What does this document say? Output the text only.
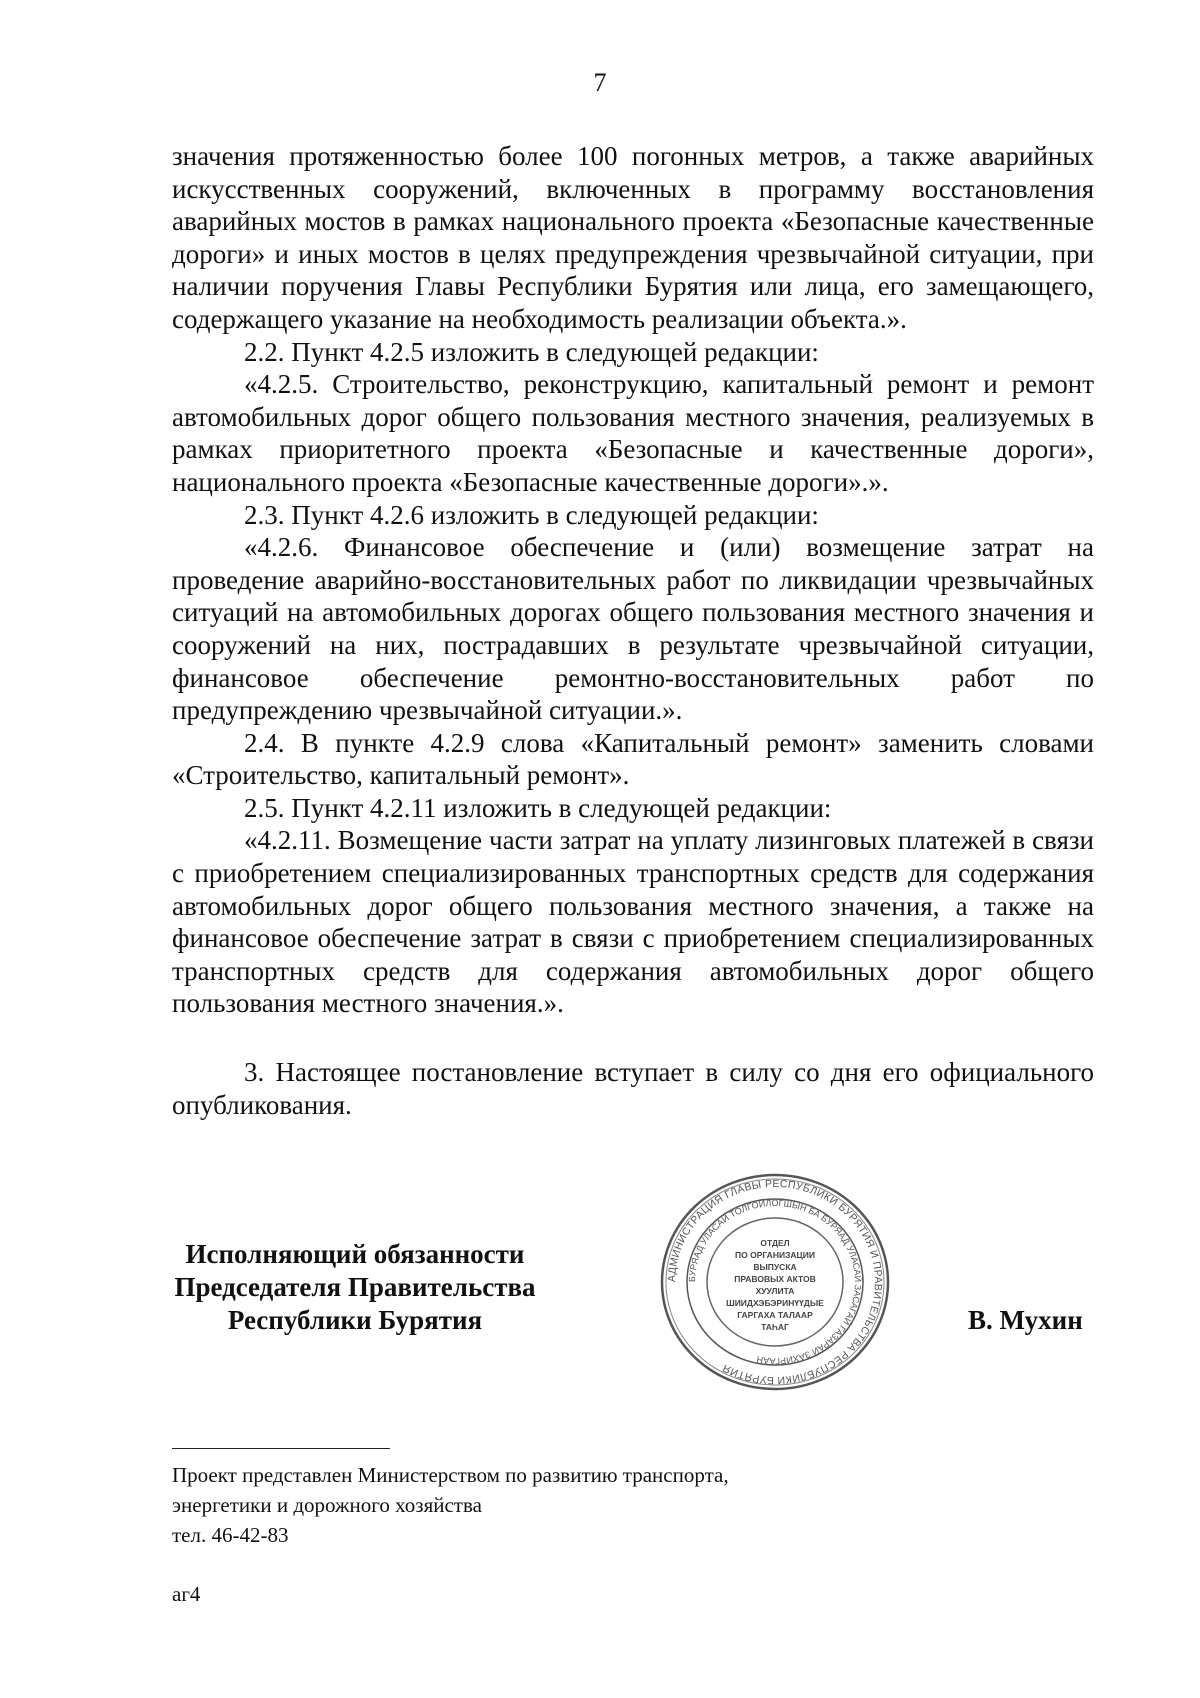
7

значения протяженностью более 100 погонных метров, а также аварийных искусственных сооружений, включенных в программу восстановления аварийных мостов в рамках национального проекта «Безопасные качественные дороги» и иных мостов в целях предупреждения чрезвычайной ситуации, при наличии поручения Главы Республики Бурятия или лица, его замещающего, содержащего указание на необходимость реализации объекта.».

2.2. Пункт 4.2.5 изложить в следующей редакции:

«4.2.5. Строительство, реконструкцию, капитальный ремонт и ремонт автомобильных дорог общего пользования местного значения, реализуемых в рамках приоритетного проекта «Безопасные и качественные дороги», национального проекта «Безопасные качественные дороги».».

2.3. Пункт 4.2.6 изложить в следующей редакции:

«4.2.6. Финансовое обеспечение и (или) возмещение затрат на проведение аварийно-восстановительных работ по ликвидации чрезвычайных ситуаций на автомобильных дорогах общего пользования местного значения и сооружений на них, пострадавших в результате чрезвычайной ситуации, финансовое обеспечение ремонтно-восстановительных работ по предупреждению чрезвычайной ситуации.».

2.4. В пункте 4.2.9 слова «Капитальный ремонт» заменить словами «Строительство, капитальный ремонт».

2.5. Пункт 4.2.11 изложить в следующей редакции:

«4.2.11. Возмещение части затрат на уплату лизинговых платежей в связи с приобретением специализированных транспортных средств для содержания автомобильных дорог общего пользования местного значения, а также на финансовое обеспечение затрат в связи с приобретением специализированных транспортных средств для содержания автомобильных дорог общего пользования местного значения.».

3. Настоящее постановление вступает в силу со дня его официального опубликования.

Исполняющий обязанности
Председателя Правительства
Республики Бурятия
АДМИНИСТРАЦИЯ ГЛАВЫ РЕСПУБЛИКИ БУРЯТИЯ И ПРАВИТЕЛЬСТВА РЕСПУБЛИКИ БУРЯТИЯ
БУРЯАД УЛАСАЙ ТОЛГОЙЛОГШЫН БА БУРЯАД УЛАСАЙ ЗАСАГАЙ ГАЗАРАЙ ЗАХИРГААН
ОТДЕЛ
ПО ОРГАНИЗАЦИИ
ВЫПУСКА
ПРАВОВЫХ АКТОВ
ХУУЛИТА
ШИИДХЭБЭРИНҮҮДЫЕ
ГАРГАХА ТАЛААР
ТАҺАГ	В. Мухин
Проект представлен Министерством по развитию транспорта,
энергетики и дорожного хозяйства
тел. 46-42-83
аг4
